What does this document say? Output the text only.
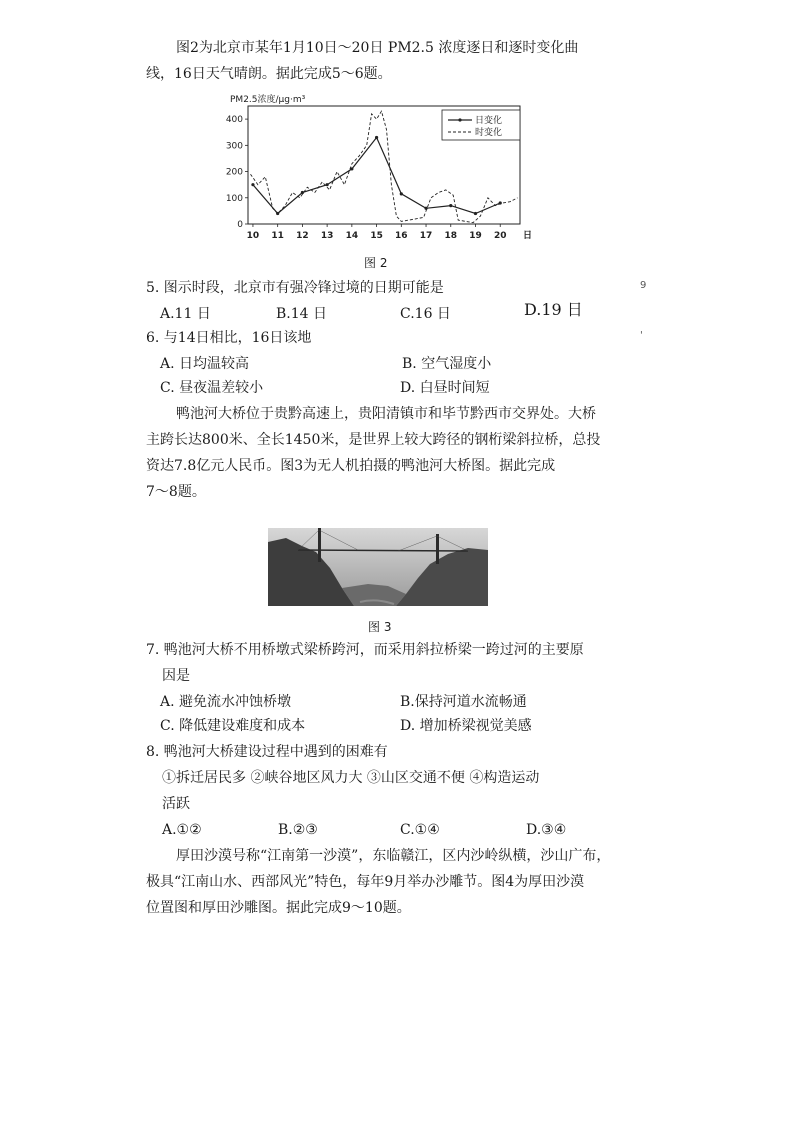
图2为北京市某年1月10日～20日 PM2.5 浓度逐日和逐时变化曲
线，16日天气晴朗。据此完成5～6题。
PM2.5浓度/μg·m³
0
100
200
300
400
10 11 12 13 14 15 16 17 18 19 20 日
日变化
时变化
图 2
5. 图示时段，北京市有强冷锋过境的日期可能是
A.11 日	B.14 日	C.16 日	D.19 日
9
6. 与14日相比，16日该地	'
A. 日均温较高	B. 空气湿度小
C. 昼夜温差较小	D. 白昼时间短
鸭池河大桥位于贵黔高速上，贵阳清镇市和毕节黔西市交界处。大桥
主跨长达800米、全长1450米，是世界上较大跨径的钢桁梁斜拉桥，总投
资达7.8亿元人民币。图3为无人机拍摄的鸭池河大桥图。据此完成
7～8题。
图 3
7. 鸭池河大桥不用桥墩式梁桥跨河，而采用斜拉桥梁一跨过河的主要原
因是
A. 避免流水冲蚀桥墩	B.保持河道水流畅通
C. 降低建设难度和成本	D. 增加桥梁视觉美感
8. 鸭池河大桥建设过程中遇到的困难有
①拆迁居民多 ②峡谷地区风力大 ③山区交通不便 ④构造运动
活跃
A.①②	B.②③	C.①④	D.③④
厚田沙漠号称“江南第一沙漠”，东临赣江，区内沙岭纵横，沙山广布，
极具“江南山水、西部风光”特色，每年9月举办沙雕节。图4为厚田沙漠
位置图和厚田沙雕图。据此完成9～10题。
